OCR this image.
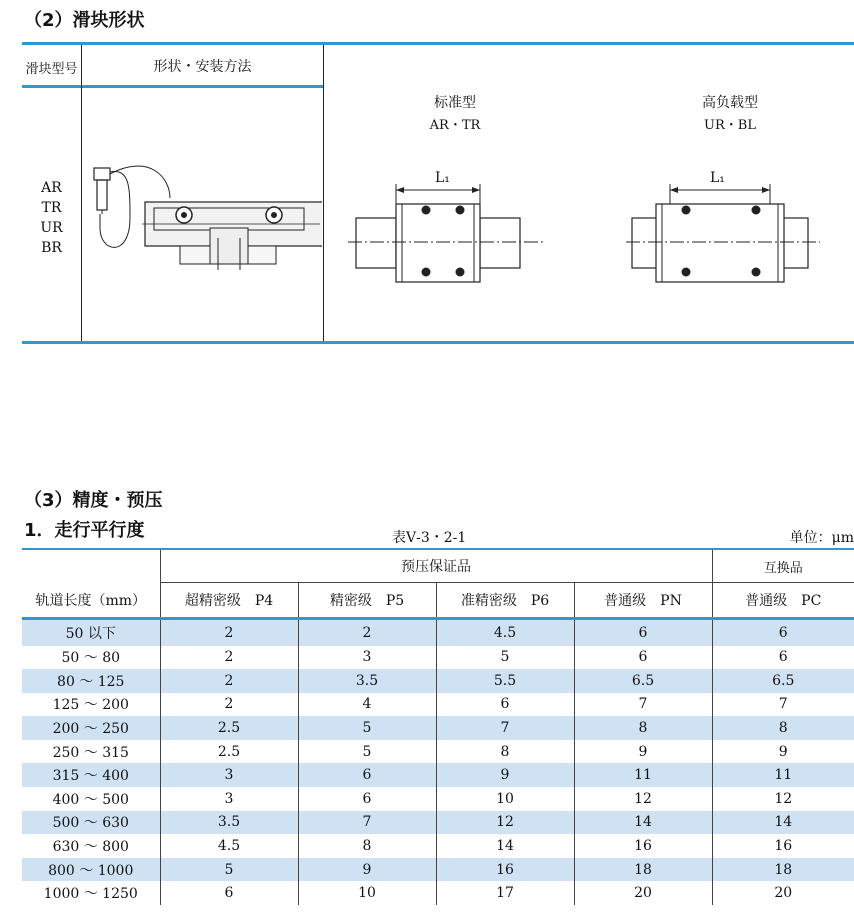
（2）滑块形状
滑块型号	形状・安装方法
AR
TR
UR
BR
标准型
AR・TR
L₁
高负载型
UR・BL
L₁
（3）精度・预压
1．走行平行度	表Ⅴ-3・2-1	单位：μm
	预压保证品				互换品
轨道长度（mm）	超精密级　P4	精密级　P5	准精密级　P6	普通级　PN	普通级　PC
50 以下	2	2	4.5	6	6
50 ～ 80	2	3	5	6	6
80 ～ 125	2	3.5	5.5	6.5	6.5
125 ～ 200	2	4	6	7	7
200 ～ 250	2.5	5	7	8	8
250 ～ 315	2.5	5	8	9	9
315 ～ 400	3	6	9	11	11
400 ～ 500	3	6	10	12	12
500 ～ 630	3.5	7	12	14	14
630 ～ 800	4.5	8	14	16	16
800 ～ 1000	5	9	16	18	18
1000 ～ 1250	6	10	17	20	20
